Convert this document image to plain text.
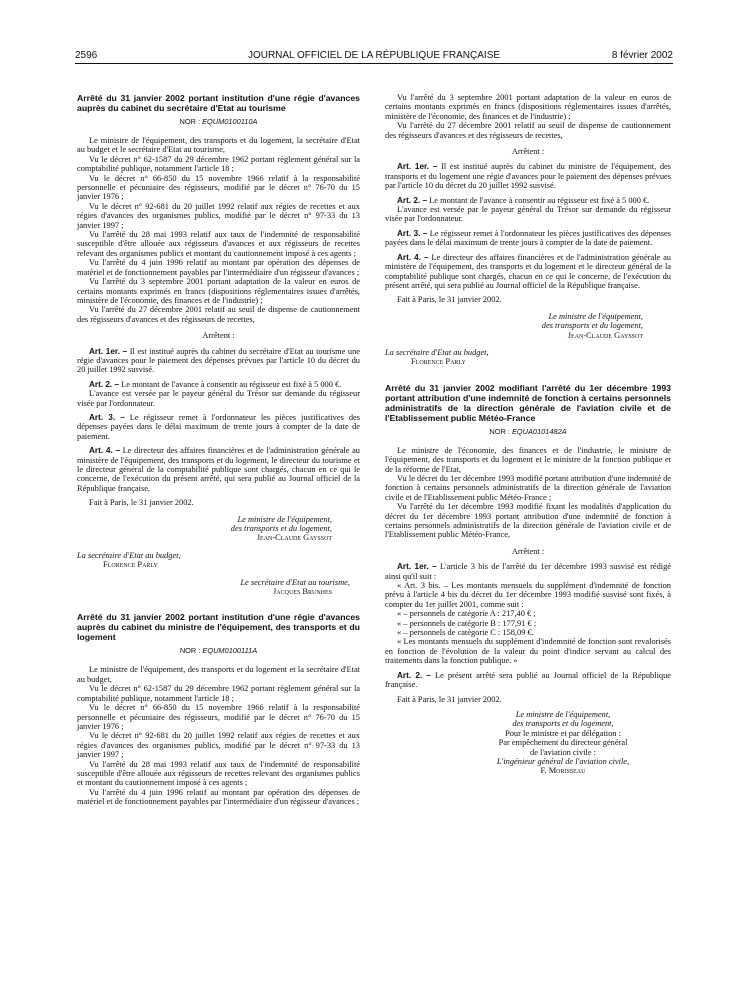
2596	JOURNAL OFFICIEL DE LA RÉPUBLIQUE FRANÇAISE	8 février 2002
Arrêté du 31 janvier 2002 portant institution d'une régie d'avances auprès du cabinet du secrétaire d'Etat au tourisme
NOR : EQUM0100110A

Le ministre de l'équipement, des transports et du logement, la secrétaire d'Etat au budget et le secrétaire d'Etat au tourisme,

Vu le décret n° 62-1587 du 29 décembre 1962 portant règlement général sur la comptabilité publique, notamment l'article 18 ;

Vu le décret n° 66-850 du 15 novembre 1966 relatif à la responsabilité personnelle et pécuniaire des régisseurs, modifié par le décret n° 76-70 du 15 janvier 1976 ;

Vu le décret n° 92-681 du 20 juillet 1992 relatif aux régies de recettes et aux régies d'avances des organismes publics, modifié par le décret n° 97-33 du 13 janvier 1997 ;

Vu l'arrêté du 28 mai 1993 relatif aux taux de l'indemnité de responsabilité susceptible d'être allouée aux régisseurs d'avances et aux régisseurs de recettes relevant des organismes publics et montant du cautionnement imposé à ces agents ;

Vu l'arrêté du 4 juin 1996 relatif au montant par opération des dépenses de matériel et de fonctionnement payables par l'intermédiaire d'un régisseur d'avances ;

Vu l'arrêté du 3 septembre 2001 portant adaptation de la valeur en euros de certains montants exprimés en francs (dispositions réglementaires issues d'arrêtés, ministère de l'économie, des finances et de l'industrie) ;

Vu l'arrêté du 27 décembre 2001 relatif au seuil de dispense de cautionnement des régisseurs d'avances et des régisseurs de recettes,

Arrêtent :

Art. 1er. – Il est institué auprès du cabinet du secrétaire d'Etat au tourisme une régie d'avances pour le paiement des dépenses prévues par l'article 10 du décret du 20 juillet 1992 susvisé.

Art. 2. – Le montant de l'avance à consentir au régisseur est fixé à 5 000 €.

L'avance est versée par le payeur général du Trésor sur demande du régisseur visée par l'ordonnateur.

Art. 3. – Le régisseur remet à l'ordonnateur les pièces justificatives des dépenses payées dans le délai maximum de trente jours à compter de la date de paiement.

Art. 4. – Le directeur des affaires financières et de l'administration générale au ministère de l'équipement, des transports et du logement, le directeur du tourisme et le directeur général de la comptabilité publique sont chargés, chacun en ce qui le concerne, de l'exécution du présent arrêté, qui sera publié au Journal officiel de la République française.

Fait à Paris, le 31 janvier 2002.

Le ministre de l'équipement,
des transports et du logement,
Jean-Claude Gayssot
La secrétaire d'Etat au budget,
Florence Parly
Le secrétaire d'Etat au tourisme,
Jacques Brunhes
Arrêté du 31 janvier 2002 portant institution d'une régie d'avances auprès du cabinet du ministre de l'équipement, des transports et du logement
NOR : EQUM0100111A

Le ministre de l'équipement, des transports et du logement et la secrétaire d'Etat au budget,

Vu le décret n° 62-1587 du 29 décembre 1962 portant règlement général sur la comptabilité publique, notamment l'article 18 ;

Vu le décret n° 66-850 du 15 novembre 1966 relatif à la responsabilité personnelle et pécuniaire des régisseurs, modifié par le décret n° 76-70 du 15 janvier 1976 ;

Vu le décret n° 92-681 du 20 juillet 1992 relatif aux régies de recettes et aux régies d'avances des organismes publics, modifié par le décret n° 97-33 du 13 janvier 1997 ;

Vu l'arrêté du 28 mai 1993 relatif aux taux de l'indemnité de responsabilité susceptible d'être allouée aux régisseurs de recettes relevant des organismes publics et montant du cautionnement imposé à ces agents ;

Vu l'arrêté du 4 juin 1996 relatif au montant par opération des dépenses de matériel et de fonctionnement payables par l'intermédiaire d'un régisseur d'avances ;

Vu l'arrêté du 3 septembre 2001 portant adaptation de la valeur en euros de certains montants exprimés en francs (dispositions réglementaires issues d'arrêtés, ministère de l'économie, des finances et de l'industrie) ;

Vu l'arrêté du 27 décembre 2001 relatif au seuil de dispense de cautionnement des régisseurs d'avances et des régisseurs de recettes,

Arrêtent :

Art. 1er. – Il est institué auprès du cabinet du ministre de l'équipement, des transports et du logement une régie d'avances pour le paiement des dépenses prévues par l'article 10 du décret du 20 juillet 1992 susvisé.

Art. 2. – Le montant de l'avance à consentir au régisseur est fixé à 5 000 €.

L'avance est versée par le payeur général du Trésor sur demande du régisseur visée par l'ordonnateur.

Art. 3. – Le régisseur remet à l'ordonnateur les pièces justificatives des dépenses payées dans le délai maximum de trente jours à compter de la date de paiement.

Art. 4. – Le directeur des affaires financières et de l'administration générale au ministère de l'équipement, des transports et du logement et le directeur général de la comptabilité publique sont chargés, chacun en ce qui le concerne, de l'exécution du présent arrêté, qui sera publié au Journal officiel de la République française.

Fait à Paris, le 31 janvier 2002.

Le ministre de l'équipement,
des transports et du logement,
Jean-Claude Gayssot
La secrétaire d'Etat au budget,
Florence Parly
Arrêté du 31 janvier 2002 modifiant l'arrêté du 1er décembre 1993 portant attribution d'une indemnité de fonction à certains personnels administratifs de la direction générale de l'aviation civile et de l'Etablissement public Météo-France
NOR : EQUA0101482A

Le ministre de l'économie, des finances et de l'industrie, le ministre de l'équipement, des transports et du logement et le ministre de la fonction publique et de la réforme de l'Etat,

Vu le décret du 1er décembre 1993 modifié portant attribution d'une indemnité de fonction à certains personnels administratifs de la direction générale de l'aviation civile et de l'Etablissement public Météo-France ;

Vu l'arrêté du 1er décembre 1993 modifié fixant les modalités d'application du décret du 1er décembre 1993 portant attribution d'une indemnité de fonction à certains personnels administratifs de la direction générale de l'aviation civile et de l'Etablissement public Météo-France,

Arrêtent :

Art. 1er. – L'article 3 bis de l'arrêté du 1er décembre 1993 susvisé est rédigé ainsi qu'il suit :

« Art. 3 bis. – Les montants mensuels du supplément d'indemnité de fonction prévu à l'article 4 bis du décret du 1er décembre 1993 modifié susvisé sont fixés, à compter du 1er juillet 2001, comme suit :

« – personnels de catégorie A : 217,40 € ;

« – personnels de catégorie B : 177,91 € ;

« – personnels de catégorie C : 158,09 €.

« Les montants mensuels du supplément d'indemnité de fonction sont revalorisés en fonction de l'évolution de la valeur du point d'indice servant au calcul des traitements dans la fonction publique. »

Art. 2. – Le présent arrêté sera publié au Journal officiel de la République française.

Fait à Paris, le 31 janvier 2002.

Le ministre de l'équipement,
des transports et du logement,
Pour le ministre et par délégation :
Par empêchement du directeur général
de l'aviation civile :
L'ingénieur général de l'aviation civile,
F. Morisseau
